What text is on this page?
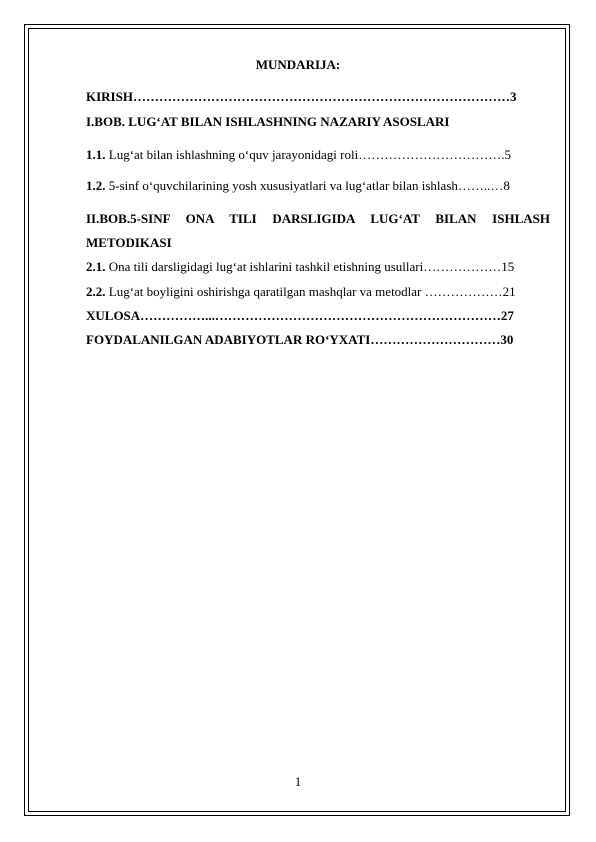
MUNDARIJA:
KIRISH……………………………………………………………………………3
I.BOB. LUG‘AT BILAN ISHLASHNING NAZARIY ASOSLARI
1.1. Lug‘at bilan ishlashning o‘quv jarayonidagi roli…………………………….5
1.2. 5-sinf o‘quvchilarining yosh xususiyatlari va lug‘atlar bilan ishlash……..…8
II.BOB.5-SINF ONA TILI DARSLIGIDA LUG‘AT BILAN ISHLASH
METODIKASI
2.1. Ona tili darsligidagi lug‘at ishlarini tashkil etishning usullari………………15
2.2. Lug‘at boyligini oshirishga qaratilgan mashqlar va metodlar ………………21
XULOSA……………...…………………………………………………………27
FOYDALANILGAN ADABIYOTLAR RO‘YXATI…………………………30
1
